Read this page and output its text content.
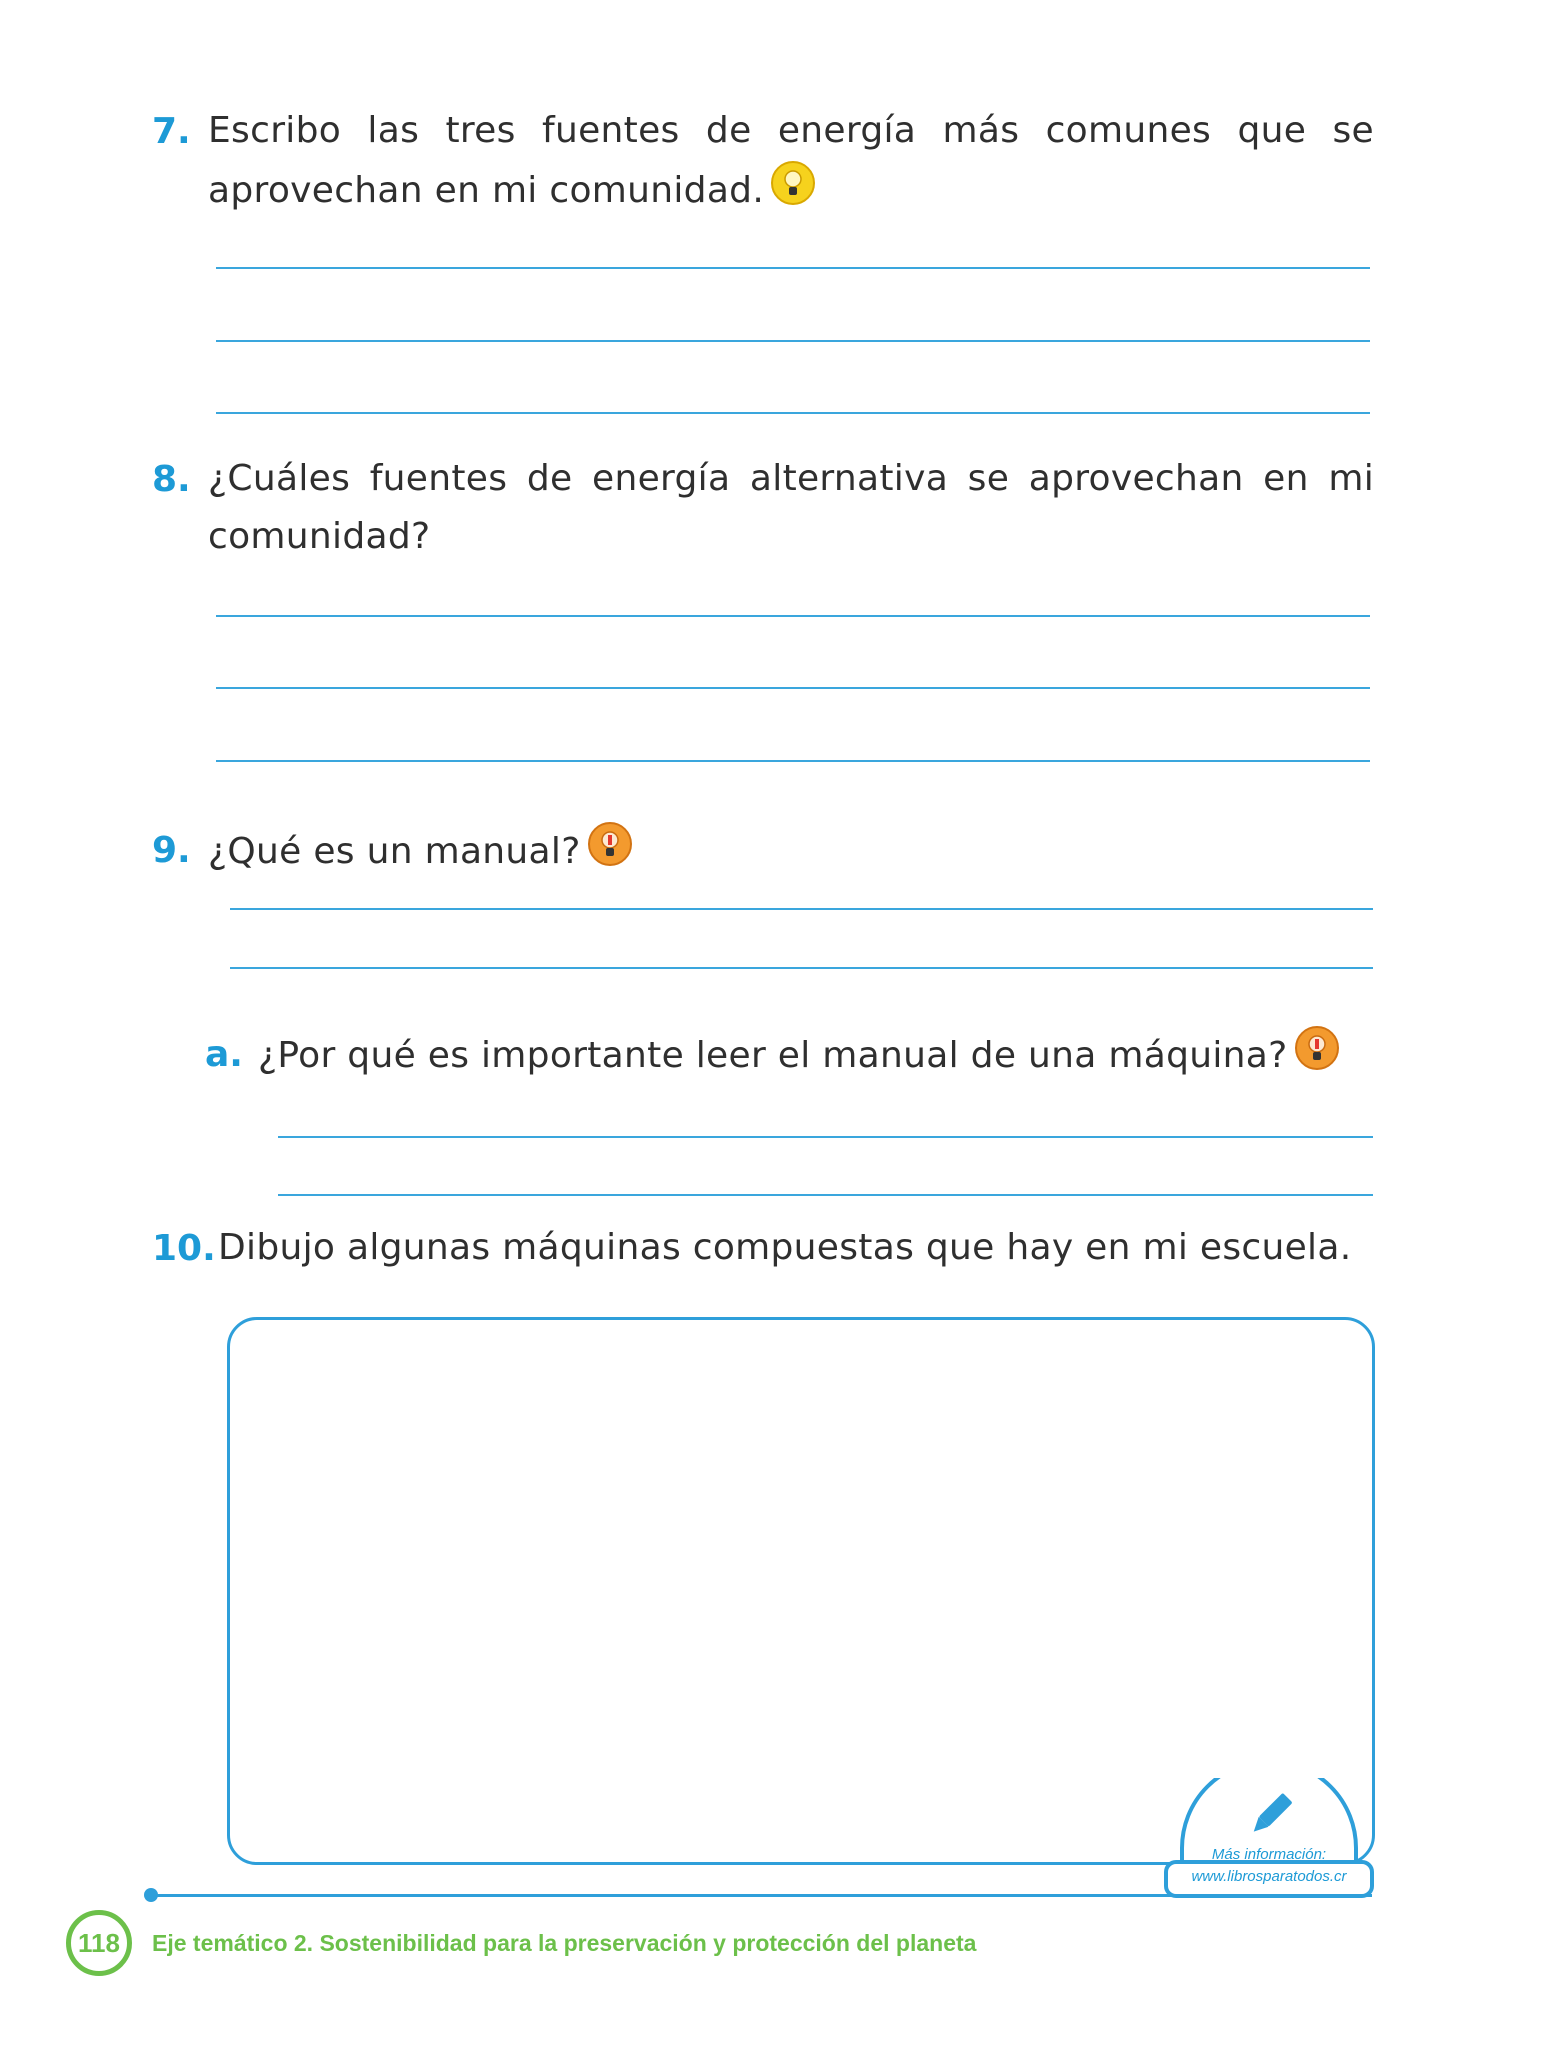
7. Escribo las tres fuentes de energía más comunes que se aprovechan en mi comunidad.
8. ¿Cuáles fuentes de energía alternativa se aprovechan en mi comunidad?
9. ¿Qué es un manual?
a. ¿Por qué es importante leer el manual de una máquina?
10. Dibujo algunas máquinas compuestas que hay en mi escuela.
Más información:
www.librosparatodos.cr
118	Eje temático 2. Sostenibilidad para la preservación y protección del planeta
